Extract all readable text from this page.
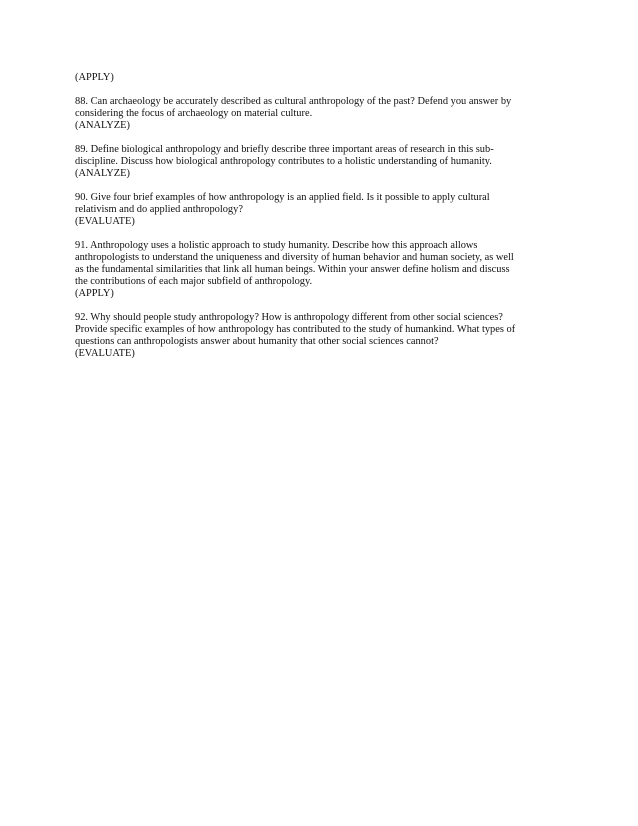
(APPLY)
88. Can archaeology be accurately described as cultural anthropology of the past? Defend you answer by
considering the focus of archaeology on material culture.
(ANALYZE)
89. Define biological anthropology and briefly describe three important areas of research in this sub-
discipline. Discuss how biological anthropology contributes to a holistic understanding of humanity.
(ANALYZE)
90. Give four brief examples of how anthropology is an applied field. Is it possible to apply cultural
relativism and do applied anthropology?
(EVALUATE)
91. Anthropology uses a holistic approach to study humanity. Describe how this approach allows
anthropologists to understand the uniqueness and diversity of human behavior and human society, as well
as the fundamental similarities that link all human beings. Within your answer define holism and discuss
the contributions of each major subfield of anthropology.
(APPLY)
92. Why should people study anthropology? How is anthropology different from other social sciences?
Provide specific examples of how anthropology has contributed to the study of humankind. What types of
questions can anthropologists answer about humanity that other social sciences cannot?
(EVALUATE)
